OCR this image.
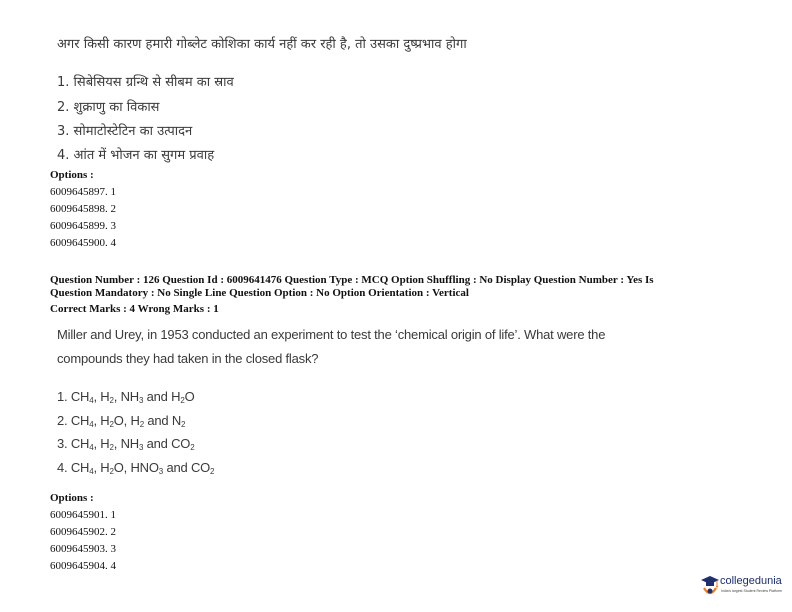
अगर किसी कारण हमारी गोब्लेट कोशिका कार्य नहीं कर रही है, तो उसका दुष्प्रभाव होगा
1. सिबेसियस ग्रन्थि से सीबम का स्राव
2. शुक्राणु का विकास
3. सोमाटोस्टेटिन का उत्पादन
4. आंत में भोजन का सुगम प्रवाह
Options :
6009645897. 1
6009645898. 2
6009645899. 3
6009645900. 4
Question Number : 126 Question Id : 6009641476 Question Type : MCQ Option Shuffling : No Display Question Number : Yes Is
Question Mandatory : No Single Line Question Option : No Option Orientation : Vertical
Correct Marks : 4 Wrong Marks : 1
Miller and Urey, in 1953 conducted an experiment to test the ‘chemical origin of life’. What were the
compounds they had taken in the closed flask?
1. $CH_4$, $H_2$, $NH_3$ and $H_2O$
2. $CH_4$, $H_2O$, $H_2$ and $N_2$
3. $CH_4$, $H_2$, $NH_3$ and $CO_2$
4. $CH_4$, $H_2O$, $HNO_3$ and $CO_2$
Options :
6009645901. 1
6009645902. 2
6009645903. 3
6009645904. 4
collegedunia
India's largest Student Review Platform
